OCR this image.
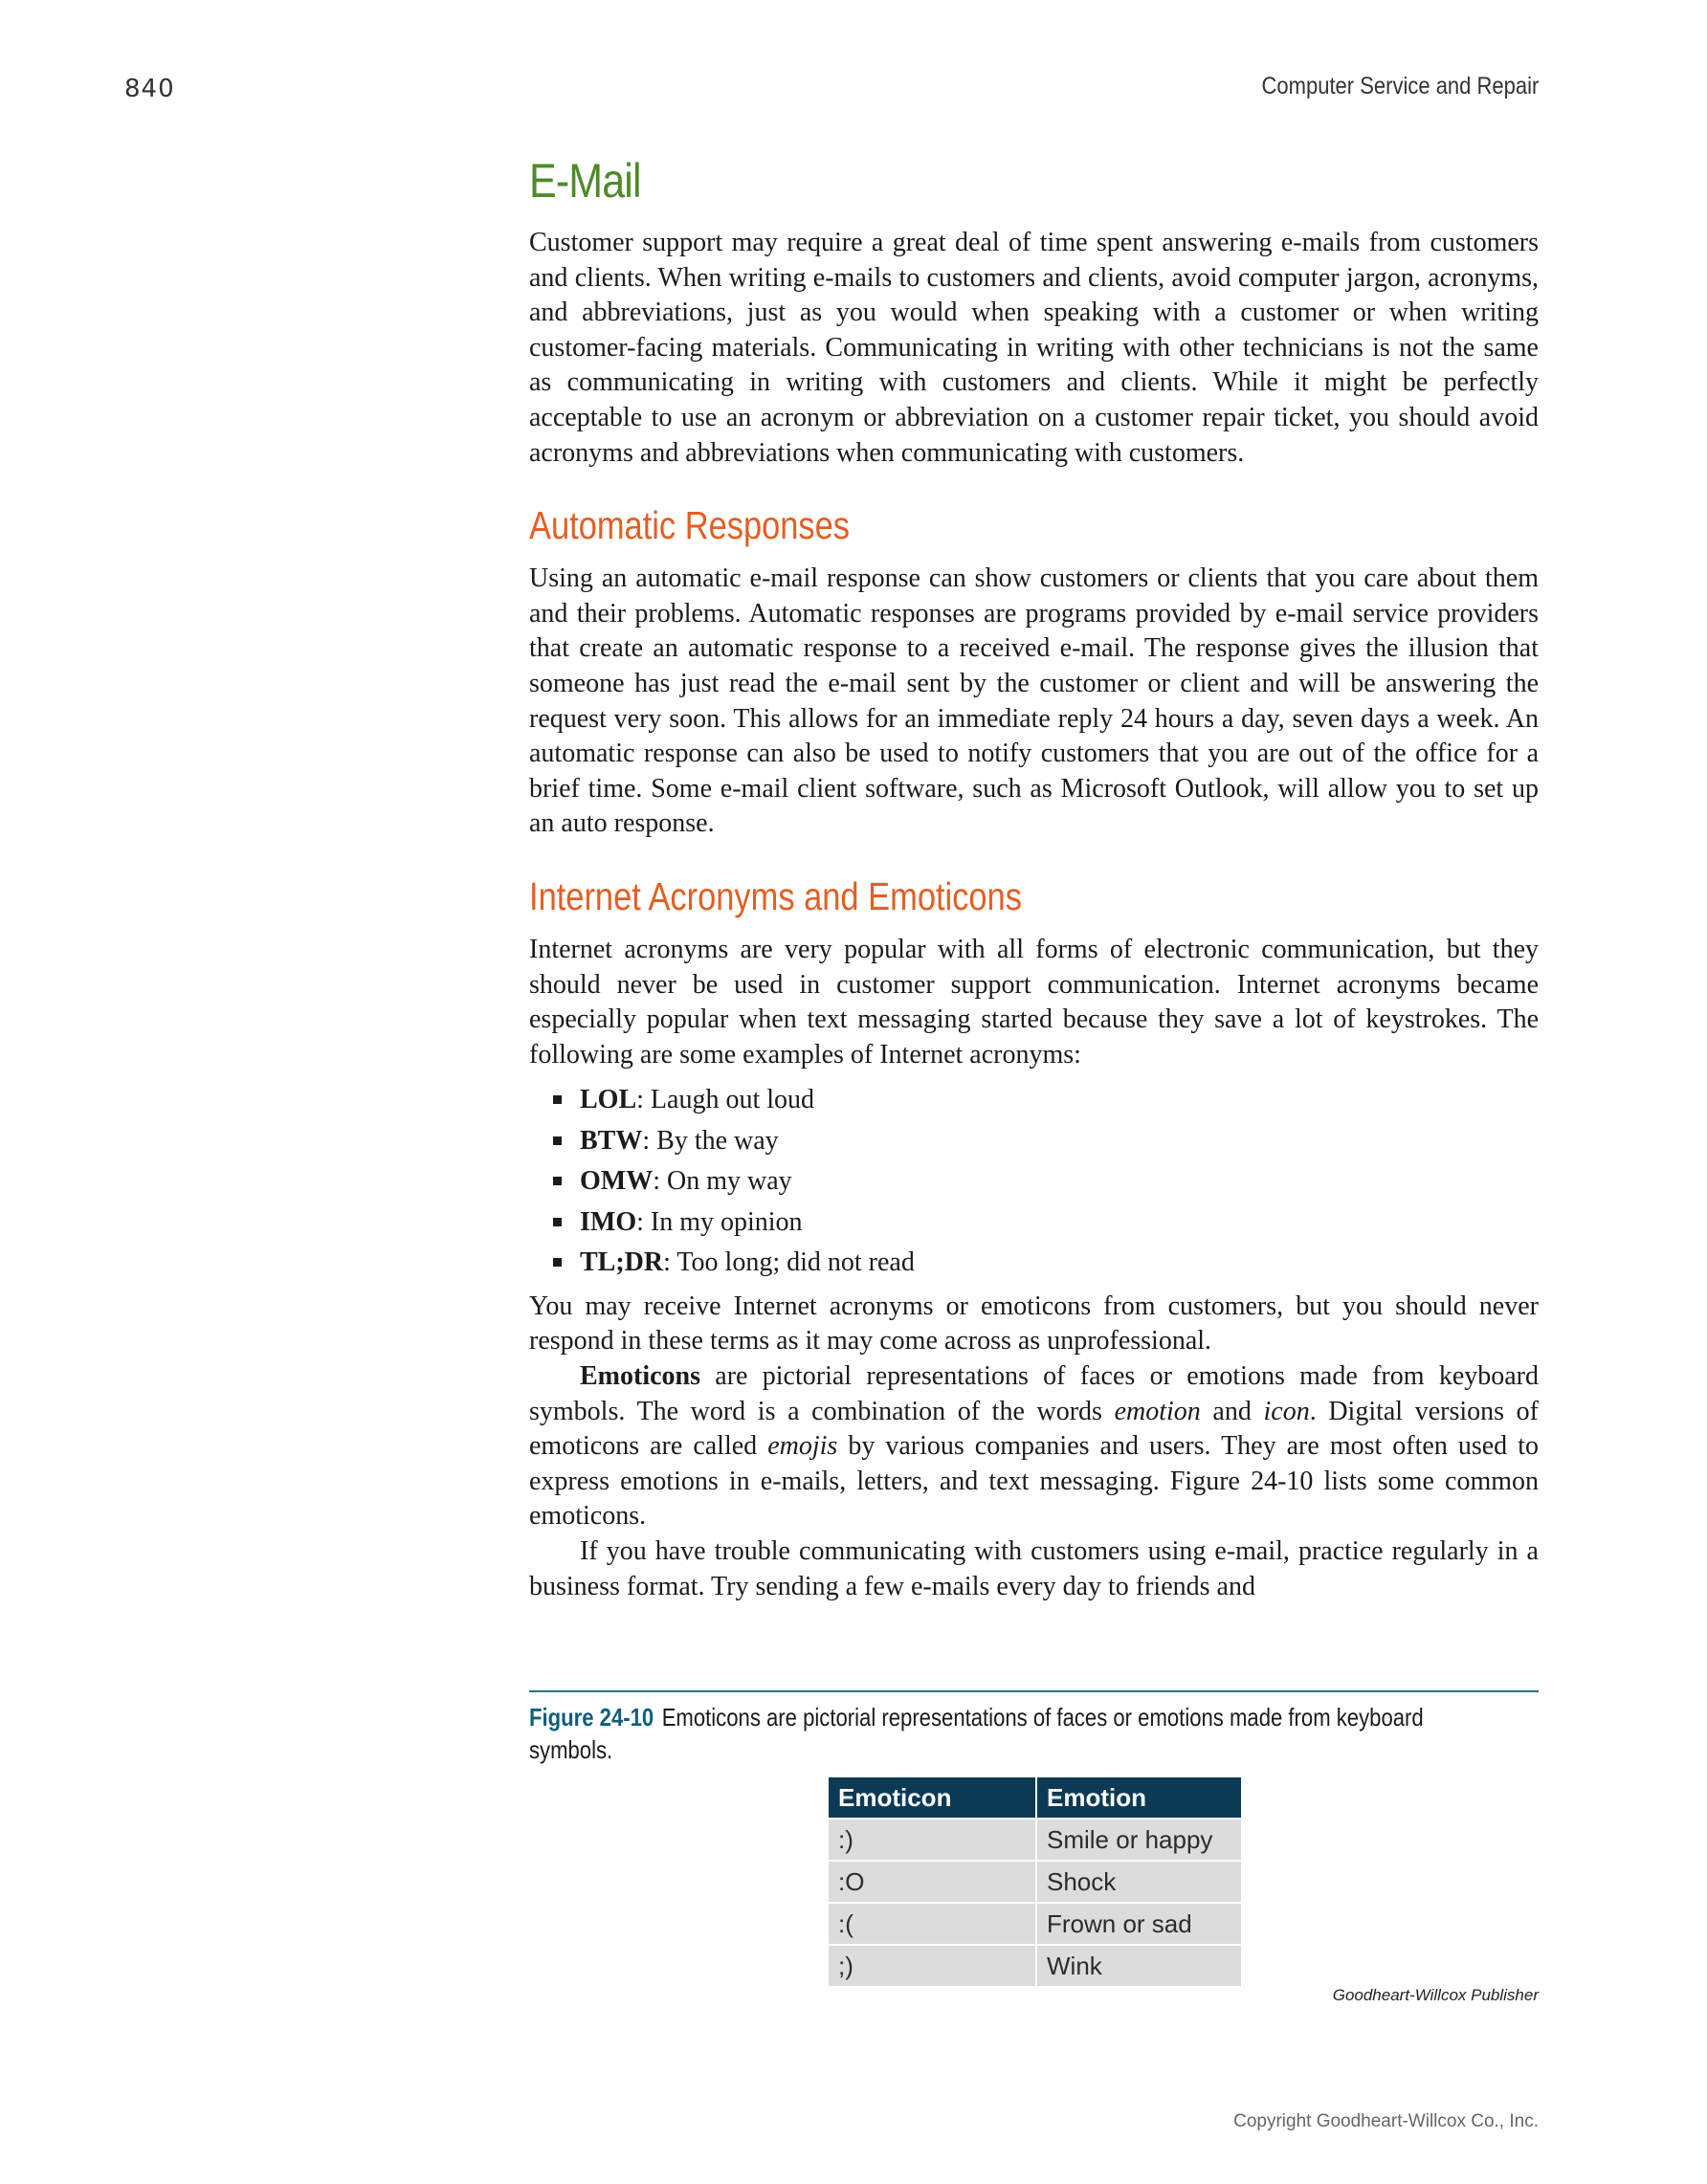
840	Computer Service and Repair
E-Mail

Customer support may require a great deal of time spent answering e-mails from customers and clients. When writing e-mails to customers and clients, avoid computer jargon, acronyms, and abbreviations, just as you would when speaking with a customer or when writing customer-facing materials. Communicating in writing with other technicians is not the same as communicating in writing with customers and clients. While it might be perfectly acceptable to use an acronym or abbreviation on a customer repair ticket, you should avoid acronyms and abbreviations when communicating with customers.

Automatic Responses

Using an automatic e-mail response can show customers or clients that you care about them and their problems. Automatic responses are programs provided by e-mail service providers that create an automatic response to a received e-mail. The response gives the illusion that someone has just read the e-mail sent by the customer or client and will be answering the request very soon. This allows for an immediate reply 24 hours a day, seven days a week. An automatic response can also be used to notify customers that you are out of the office for a brief time. Some e-mail client software, such as Microsoft Outlook, will allow you to set up an auto response.

Internet Acronyms and Emoticons

Internet acronyms are very popular with all forms of electronic communication, but they should never be used in customer support communication. Internet acronyms became especially popular when text messaging started because they save a lot of keystrokes. The following are some examples of Internet acronyms:

LOL: Laugh out loud
BTW: By the way
OMW: On my way
IMO: In my opinion
TL;DR: Too long; did not read

You may receive Internet acronyms or emoticons from customers, but you should never respond in these terms as it may come across as unprofessional.

Emoticons are pictorial representations of faces or emotions made from keyboard symbols. The word is a combination of the words emotion and icon. Digital versions of emoticons are called emojis by various companies and users. They are most often used to express emotions in e-mails, letters, and text messaging. Figure 24-10 lists some common emoticons.

If you have trouble communicating with customers using e-mail, practice regularly in a business format. Try sending a few e-mails every day to friends and

Figure 24-10 Emoticons are pictorial representations of faces or emotions made from keyboard symbols.
Emoticon	Emotion
:)	Smile or happy
:O	Shock
:(	Frown or sad
;)	Wink
Goodheart-Willcox Publisher
Copyright Goodheart-Willcox Co., Inc.
